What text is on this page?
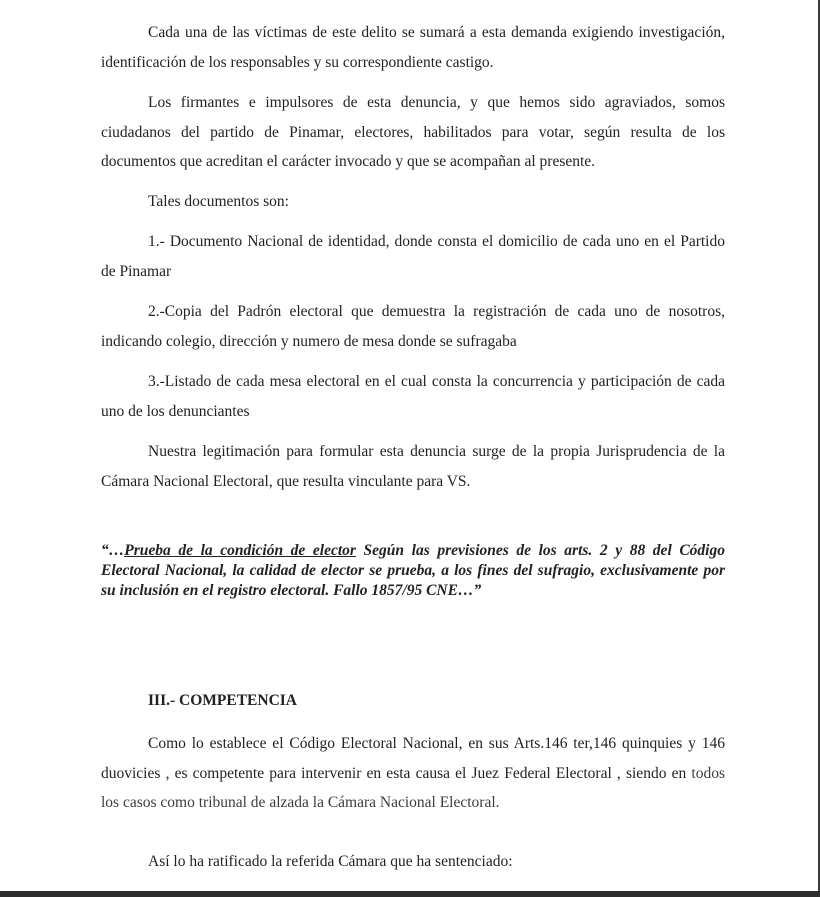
Cada una de las víctimas de este delito se sumará a esta demanda exigiendo investigación, identificación de los responsables y su correspondiente castigo.

Los firmantes e impulsores de esta denuncia, y que hemos sido agraviados, somos ciudadanos del partido de Pinamar, electores, habilitados para votar, según resulta de los documentos que acreditan el carácter invocado y que se acompañan al presente.

Tales documentos son:

1.- Documento Nacional de identidad, donde consta el domicilio de cada uno en el Partido de Pinamar

2.-Copia del Padrón electoral que demuestra la registración de cada uno de nosotros, indicando colegio, dirección y numero de mesa donde se sufragaba

3.-Listado de cada mesa electoral en el cual consta la concurrencia y participación de cada uno de los denunciantes

Nuestra legitimación para formular esta denuncia surge de la propia Jurisprudencia de la Cámara Nacional Electoral, que resulta vinculante para VS.

“…Prueba de la condición de elector Según las previsiones de los arts. 2 y 88 del Código Electoral Nacional, la calidad de elector se prueba, a los fines del sufragio, exclusivamente por su inclusión en el registro electoral. Fallo 1857/95 CNE…”

III.- COMPETENCIA

Como lo establece el Código Electoral Nacional, en sus Arts.146 ter,146 quinquies y 146 duovicies , es competente para intervenir en esta causa el Juez Federal Electoral , siendo en todos los casos como tribunal de alzada la Cámara Nacional Electoral.

Así lo ha ratificado la referida Cámara que ha sentenciado:
